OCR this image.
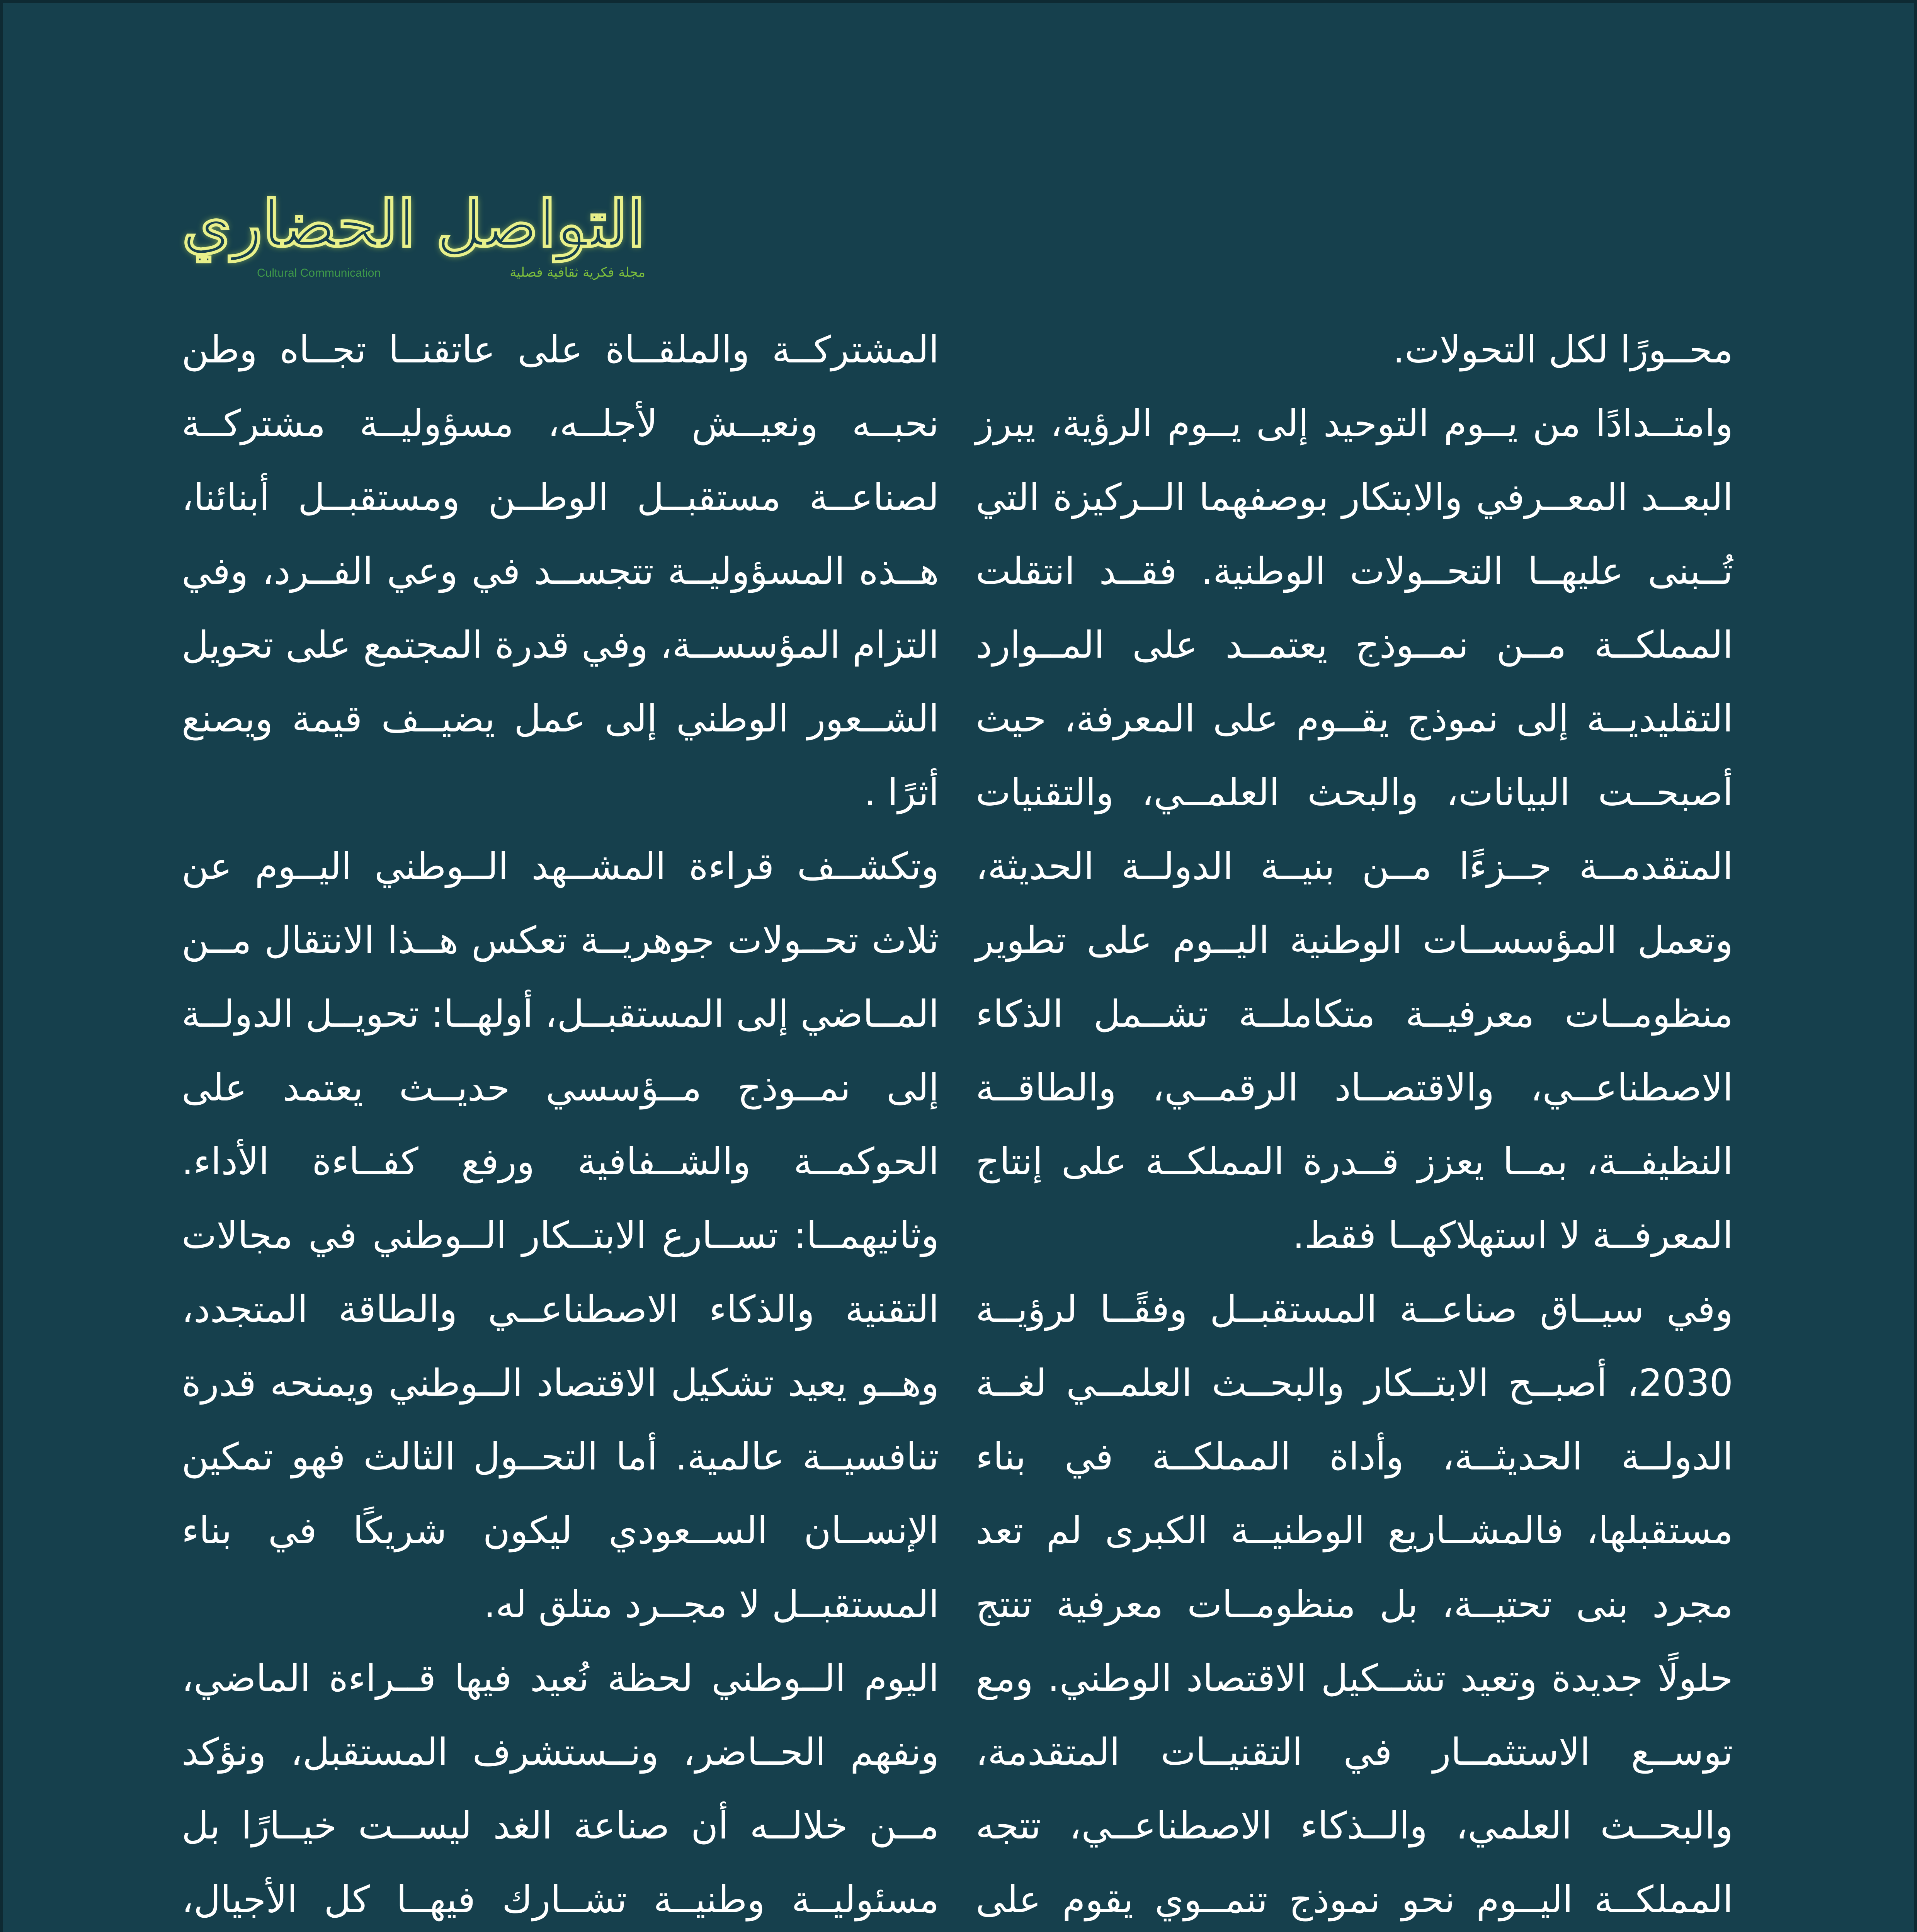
التواصل الحضاري
مجلة فكرية ثقافية فصلية
Cultural Communication

محــورًا لكل التحولات.

وامتــدادًا من يــوم التوحيد إلى يــوم الرؤية، يبرز البعــد المعــرفي والابتكار بوصفهما الــركيزة التي تُــبنى عليهــا التحــولات الوطنية. فقــد انتقلت المملكــة مــن نمــوذج يعتمــد على المــوارد التقليديــة إلى نموذج يقــوم على المعرفة، حيث أصبحــت البيانات، والبحث العلمــي، والتقنيات المتقدمــة جــزءًا مــن بنيــة الدولــة الحديثة، وتعمل المؤسســات الوطنية اليــوم على تطوير منظومــات معرفيــة متكاملــة تشــمل الذكاء الاصطناعــي، والاقتصــاد الرقمــي، والطاقــة النظيفــة، بمــا يعزز قــدرة المملكــة على إنتاج المعرفــة لا استهلاكهــا فقط.

وفي سيــاق صناعــة المستقبــل وفقًــا لرؤيــة 2030، أصبــح الابتــكار والبحــث العلمــي لغــة الدولــة الحديثــة، وأداة المملكــة في بناء مستقبلها، فالمشــاريع الوطنيــة الكبرى لم تعد مجرد بنى تحتيــة، بل منظومــات معرفية تنتج حلولًا جديدة وتعيد تشــكيل الاقتصاد الوطني. ومع توســع الاستثمــار في التقنيــات المتقدمة، والبحــث العلمي، والــذكاء الاصطناعــي، تتجه المملكــة اليــوم نحو نموذج تنمــوي يقوم على

المشتركــة والملقــاة على عاتقنــا تجــاه وطن نحبــه ونعيــش لأجلــه، مسؤوليــة مشتركــة لصناعــة مستقبــل الوطــن ومستقبــل أبنائنا، هــذه المسؤوليــة تتجســد في وعي الفــرد، وفي التزام المؤسســة، وفي قدرة المجتمع على تحويل الشــعور الوطني إلى عمل يضيــف قيمة ويصنع أثرًا .

وتكشــف قراءة المشــهد الــوطني اليــوم عن ثلاث تحــولات جوهريــة تعكس هــذا الانتقال مــن المــاضي إلى المستقبــل، أولهــا: تحويــل الدولــة إلى نمــوذج مــؤسسي حديــث يعتمد على الحوكمــة والشــفافية ورفع كفــاءة الأداء. وثانيهمــا: تســارع الابتــكار الــوطني في مجالات التقنية والذكاء الاصطناعــي والطاقة المتجدد، وهــو يعيد تشكيل الاقتصاد الــوطني ويمنحه قدرة تنافسيــة عالمية. أما التحــول الثالث فهو تمكين الإنســان الســعودي ليكون شريكًا في بناء المستقبــل لا مجــرد متلق له.

اليوم الــوطني لحظة نُعيد فيها قــراءة الماضي، ونفهم الحــاضر، ونــستشرف المستقبل، ونؤكد مــن خلالــه أن صناعة الغد ليســت خيــارًا بل مسئوليــة وطنيــة تشــارك فيهــا كل الأجيال،
